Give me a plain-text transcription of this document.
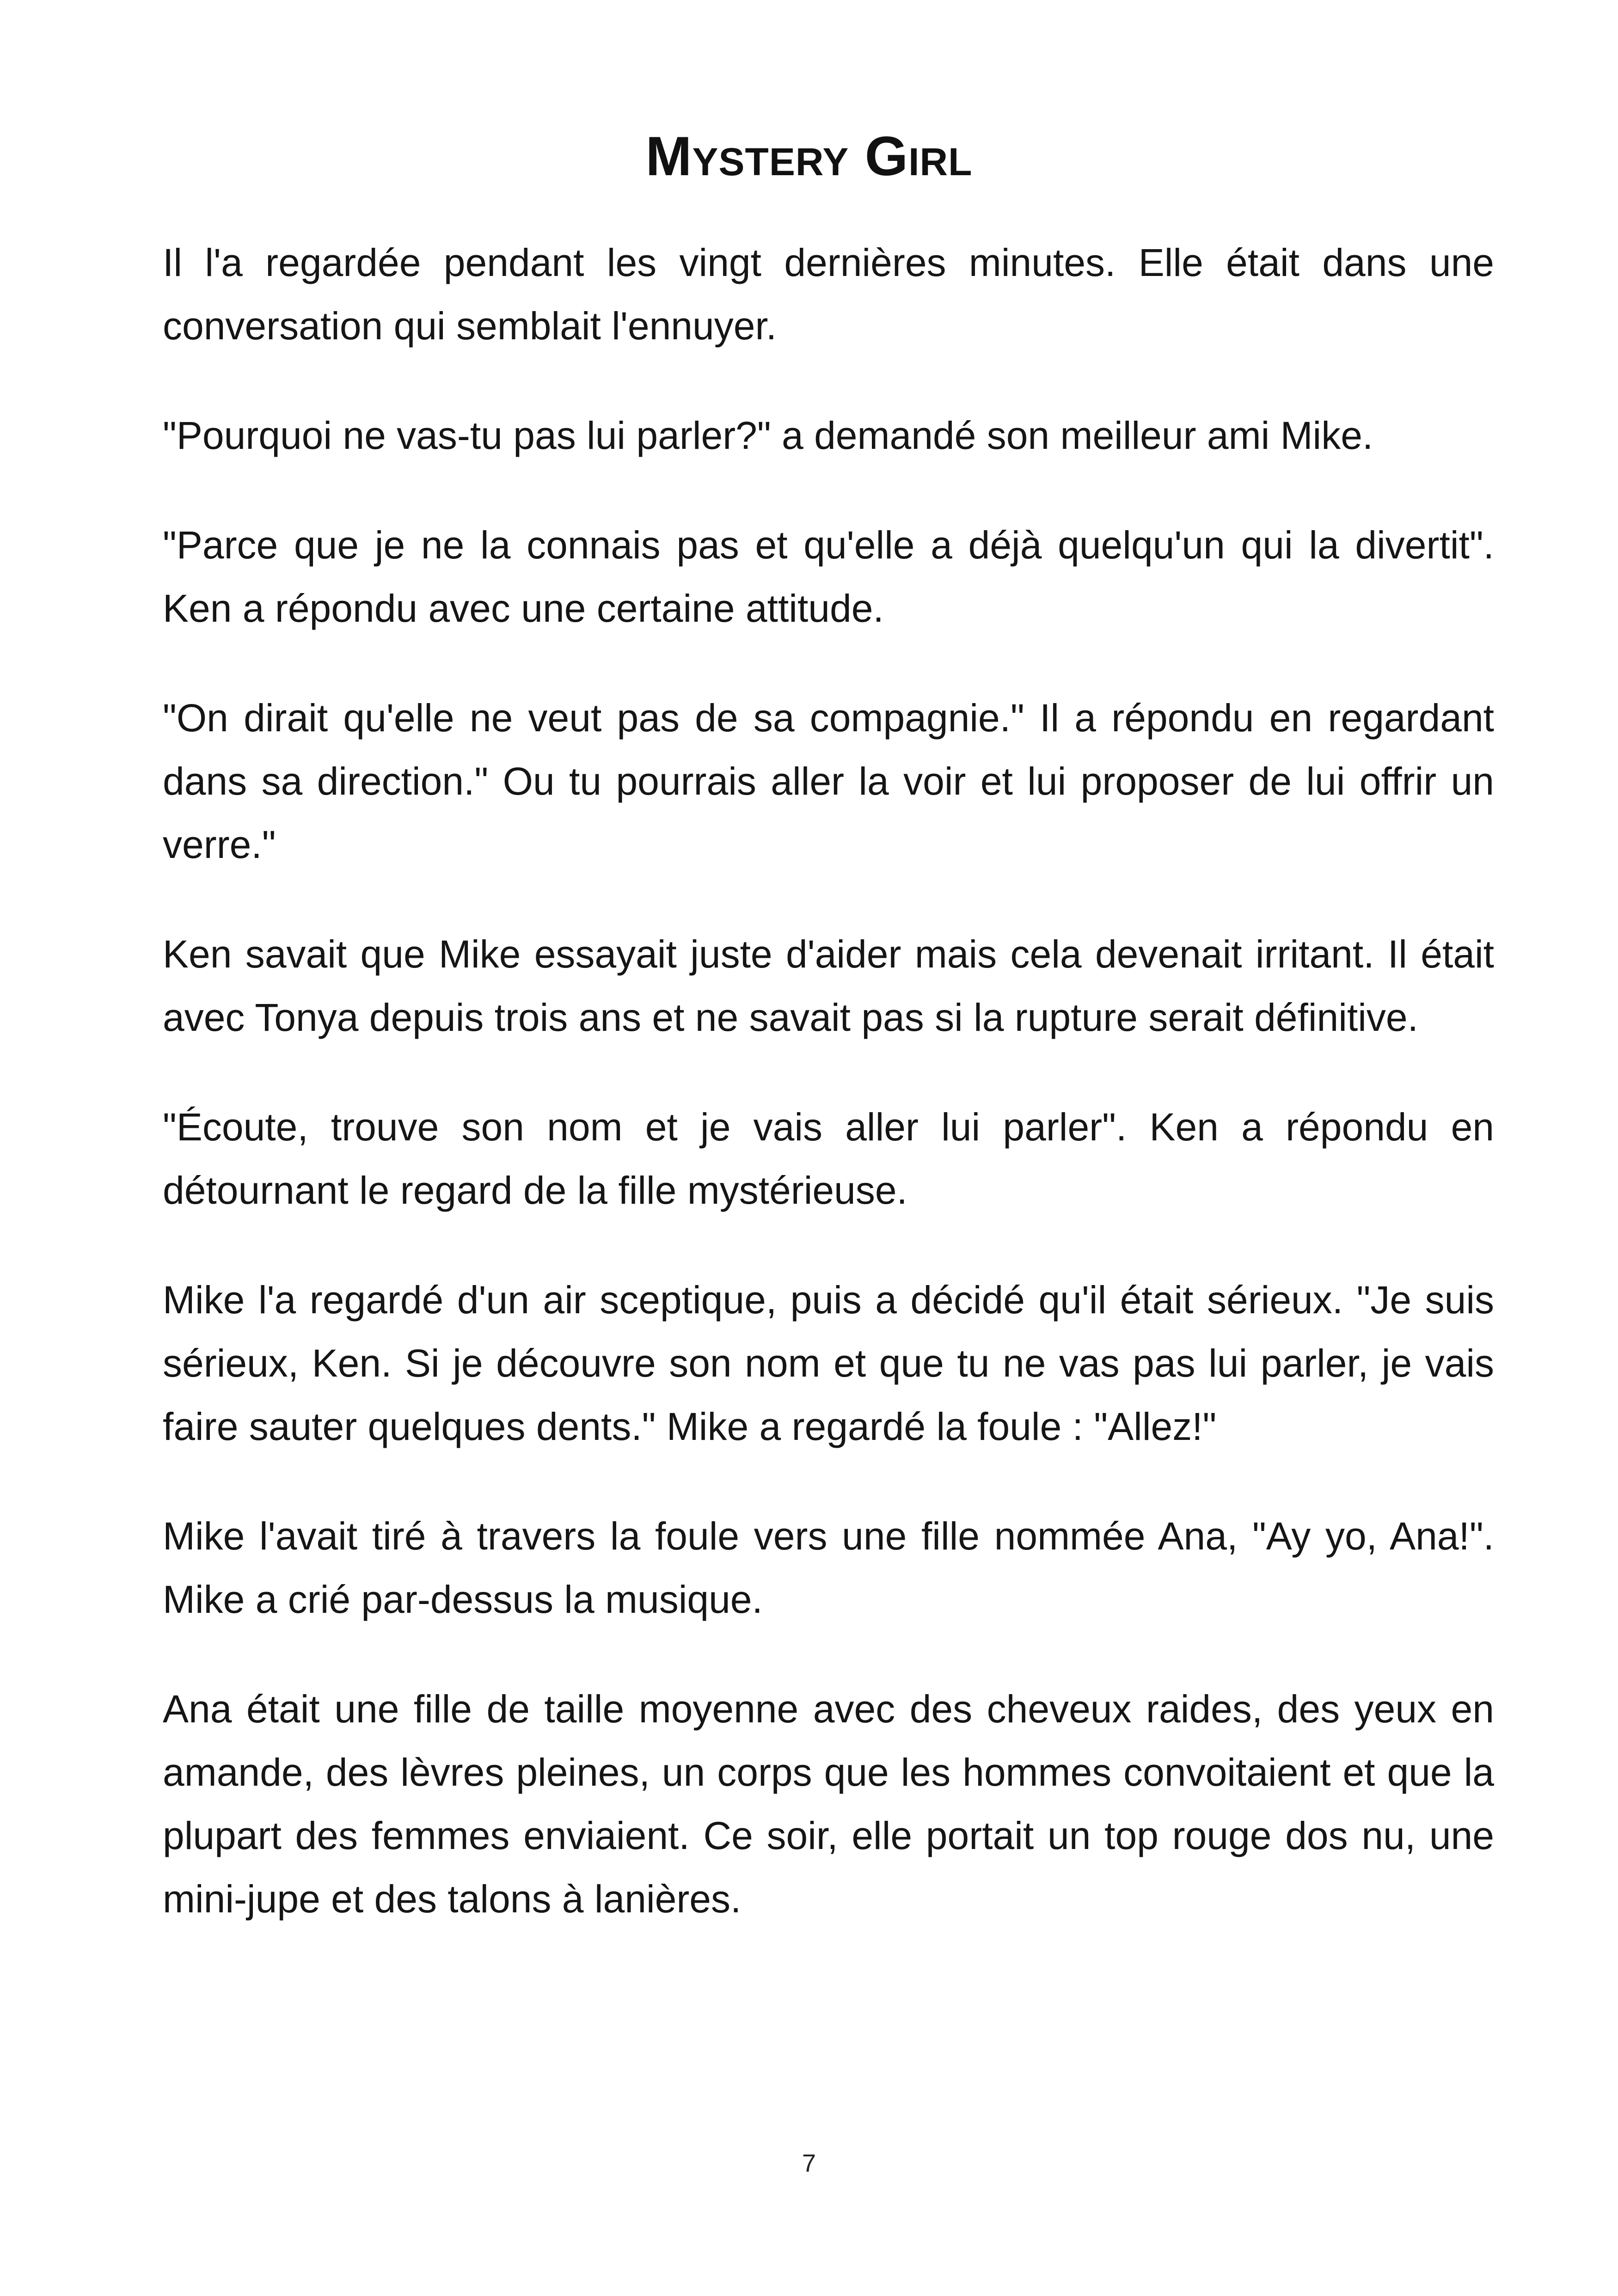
Mystery Girl

Il l'a regardée pendant les vingt dernières minutes. Elle était dans une conversation qui semblait l'ennuyer.

"Pourquoi ne vas-tu pas lui parler?" a demandé son meilleur ami Mike.

"Parce que je ne la connais pas et qu'elle a déjà quelqu'un qui la divertit". Ken a répondu avec une certaine attitude.

"On dirait qu'elle ne veut pas de sa compagnie." Il a répondu en regardant dans sa direction." Ou tu pourrais aller la voir et lui proposer de lui offrir un verre."

Ken savait que Mike essayait juste d'aider mais cela devenait irritant. Il était avec Tonya depuis trois ans et ne savait pas si la rupture serait définitive.

"Écoute, trouve son nom et je vais aller lui parler". Ken a répondu en détournant le regard de la fille mystérieuse.

Mike l'a regardé d'un air sceptique, puis a décidé qu'il était sérieux. "Je suis sérieux, Ken. Si je découvre son nom et que tu ne vas pas lui parler, je vais faire sauter quelques dents." Mike a regardé la foule : "Allez!"

Mike l'avait tiré à travers la foule vers une fille nommée Ana, "Ay yo, Ana!". Mike a crié par-dessus la musique.

Ana était une fille de taille moyenne avec des cheveux raides, des yeux en amande, des lèvres pleines, un corps que les hommes convoitaient et que la plupart des femmes enviaient. Ce soir, elle portait un top rouge dos nu, une mini-jupe et des talons à lanières.

7
